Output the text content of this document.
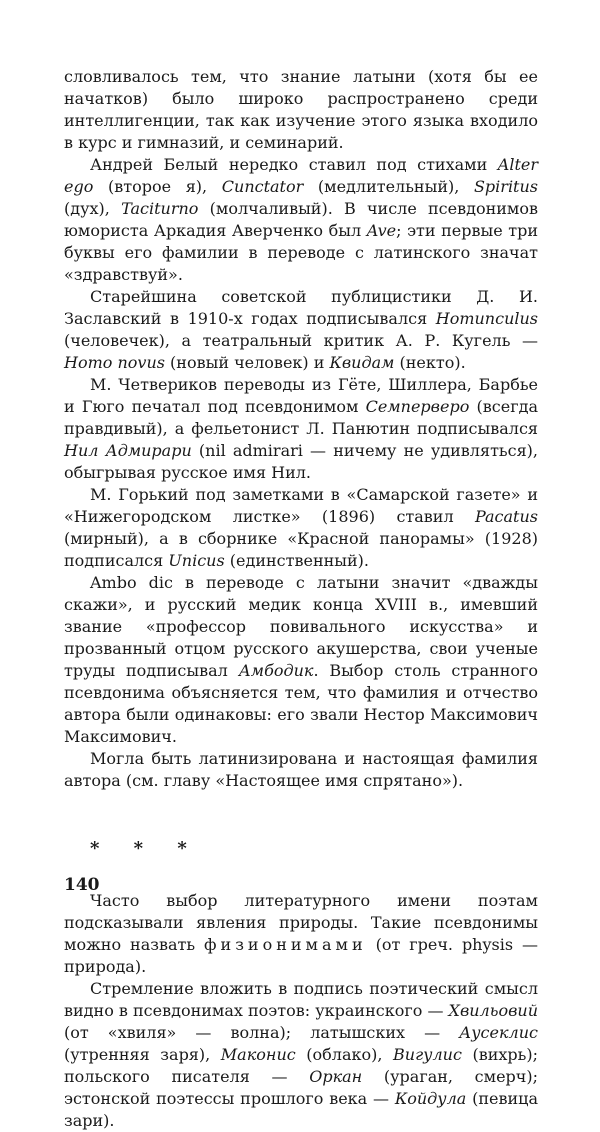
словливалось тем, что знание латыни (хотя бы ее начатков) было широко распространено среди интеллигенции, так как изучение этого языка входило в курс и гимназий, и семинарий.

Андрей Белый нередко ставил под стихами Alter ego (второе я), Cunctator (медлительный), Spiritus (дух), Taciturno (молчаливый). В числе псевдонимов юмориста Аркадия Аверченко был Ave; эти первые три буквы его фамилии в переводе с латинского значат «здравствуй».

Старейшина советской публицистики Д. И. Заславский в 1910-х годах подписывался Homunculus (человечек), а театральный критик А. Р. Кугель — Homo novus (новый человек) и Квидам (некто).

М. Четвериков переводы из Гёте, Шиллера, Барбье и Гюго печатал под псевдонимом Семперверо (всегда правдивый), а фельетонист Л. Панютин подписывался Нил Адмирари (nil admirari — ничему не удивляться), обыгрывая русское имя Нил.

М. Горький под заметками в «Самарской газете» и «Нижегородском листке» (1896) ставил Pacatus (мирный), а в сборнике «Красной панорамы» (1928) подписался Unicus (единственный).

Ambo dic в переводе с латыни значит «дважды скажи», и русский медик конца XVIII в., имевший звание «профессор повивального искусства» и прозванный отцом русского акушерства, свои ученые труды подписывал Амбодик. Выбор столь странного псевдонима объясняется тем, что фамилия и отчество автора были одинаковы: его звали Нестор Максимович Максимович.

Могла быть латинизирована и настоящая фамилия автора (см. главу «Настоящее имя спрятано»).

* * *

Часто выбор литературного имени поэтам подсказывали явления природы. Такие псевдонимы можно назвать физионимами (от греч. physis — природа).

Стремление вложить в подпись поэтический смысл видно в псевдонимах поэтов: украинского — Хвильовий (от «хвиля» — волна); латышских — Аусеклис (утренняя заря), Маконис (облако), Вигулис (вихрь); польского писателя — Оркан (ураган, смерч); эстонской поэтессы прошлого века — Койдула (певица зари).

140
